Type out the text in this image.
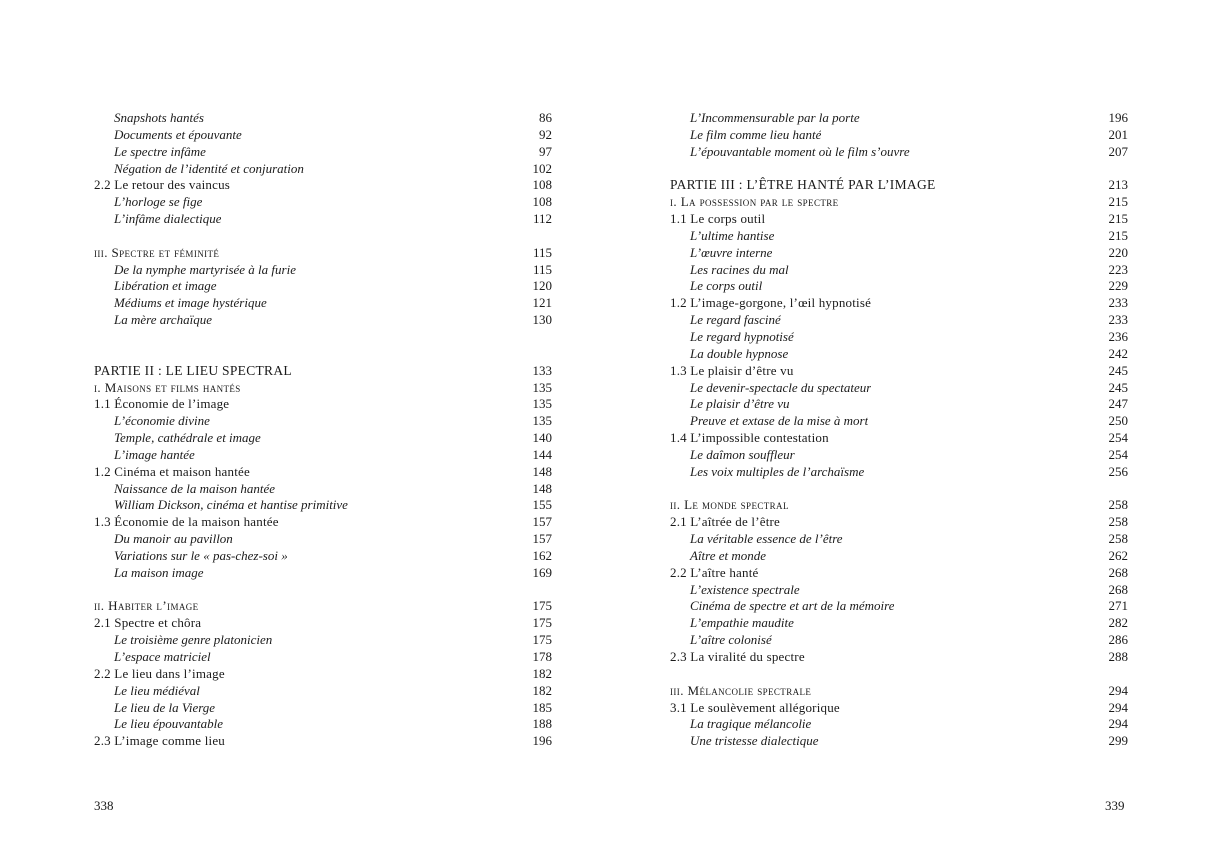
Snapshots hantés	86
Documents et épouvante	92
Le spectre infâme	97
Négation de l’identité et conjuration	102
2.2 Le retour des vaincus	108
L’horloge se fige	108
L’infâme dialectique	112
iii. Spectre et féminité	115
De la nymphe martyrisée à la furie	115
Libération et image	120
Médiums et image hystérique	121
La mère archaïque	130
PARTIE II : LE LIEU SPECTRAL	133
i. Maisons et films hantés	135
1.1 Économie de l’image	135
L’économie divine	135
Temple, cathédrale et image	140
L’image hantée	144
1.2 Cinéma et maison hantée	148
Naissance de la maison hantée	148
William Dickson, cinéma et hantise primitive	155
1.3 Économie de la maison hantée	157
Du manoir au pavillon	157
Variations sur le « pas-chez-soi »	162
La maison image	169
ii. Habiter l’image	175
2.1 Spectre et chôra	175
Le troisième genre platonicien	175
L’espace matriciel	178
2.2 Le lieu dans l’image	182
Le lieu médiéval	182
Le lieu de la Vierge	185
Le lieu épouvantable	188
2.3 L’image comme lieu	196
L’Incommensurable par la porte	196
Le film comme lieu hanté	201
L’épouvantable moment où le film s’ouvre	207
PARTIE III : L’ÊTRE HANTÉ PAR L’IMAGE	213
i. La possession par le spectre	215
1.1 Le corps outil	215
L’ultime hantise	215
L’œuvre interne	220
Les racines du mal	223
Le corps outil	229
1.2 L’image-gorgone, l’œil hypnotisé	233
Le regard fasciné	233
Le regard hypnotisé	236
La double hypnose	242
1.3 Le plaisir d’être vu	245
Le devenir-spectacle du spectateur	245
Le plaisir d’être vu	247
Preuve et extase de la mise à mort	250
1.4 L’impossible contestation	254
Le daîmon souffleur	254
Les voix multiples de l’archaïsme	256
ii. Le monde spectral	258
2.1 L’aîtrée de l’être	258
La véritable essence de l’être	258
Aître et monde	262
2.2 L’aître hanté	268
L’existence spectrale	268
Cinéma de spectre et art de la mémoire	271
L’empathie maudite	282
L’aître colonisé	286
2.3 La viralité du spectre	288
iii. Mélancolie spectrale	294
3.1 Le soulèvement allégorique	294
La tragique mélancolie	294
Une tristesse dialectique	299
338	339
